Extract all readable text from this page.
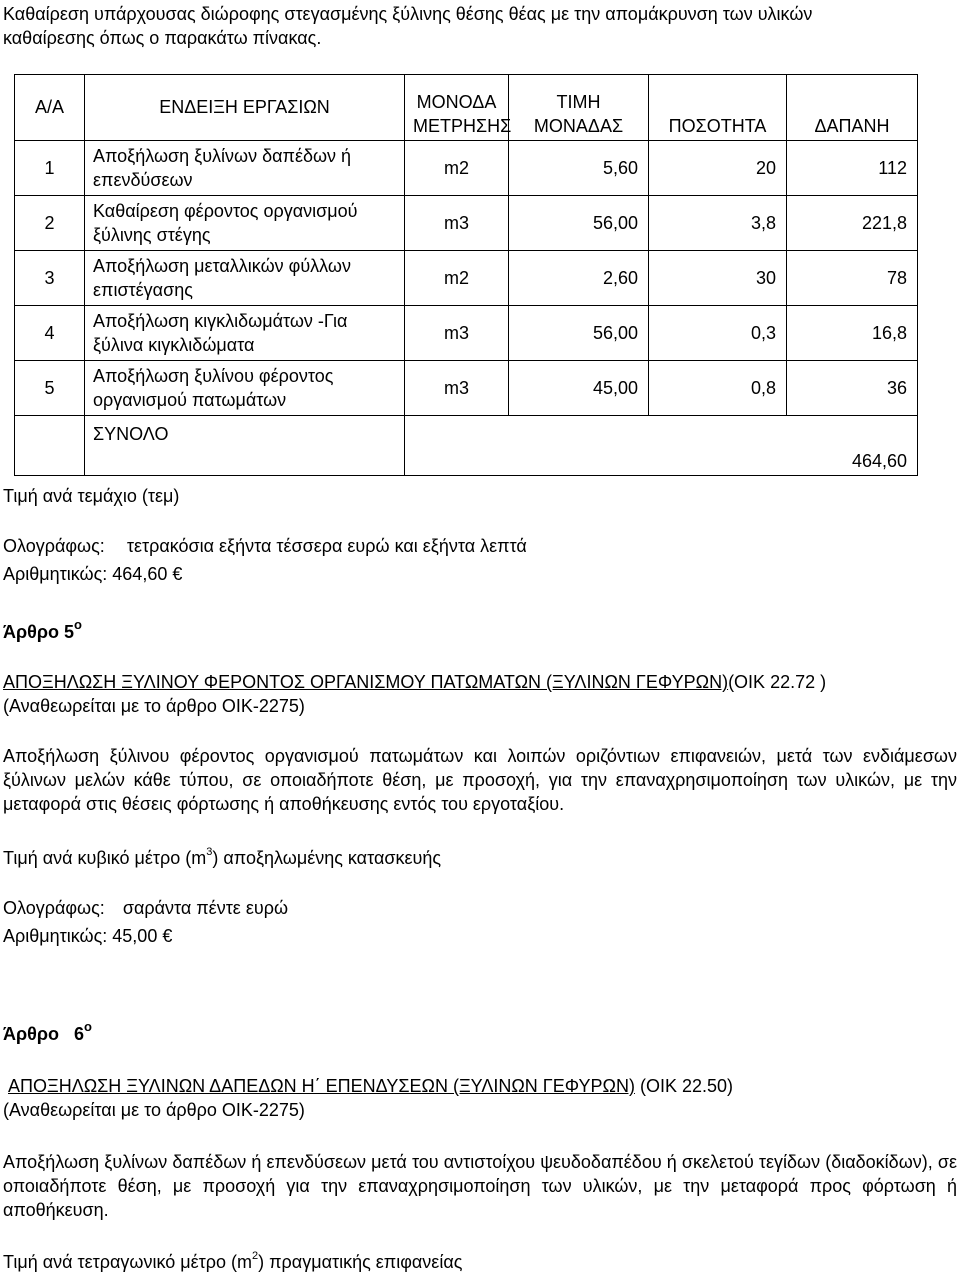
Καθαίρεση υπάρχουσας διώροφης στεγασμένης ξύλινης θέσης θέας με την απομάκρυνση των υλικών
καθαίρεσης όπως ο παρακάτω πίνακας.
Α/Α	ΕΝΔΕΙΞΗ ΕΡΓΑΣΙΩΝ	ΜΟΝΟΔΑ ΜΕΤΡΗΣΗΣ	ΤΙΜΗ ΜΟΝΑΔΑΣ	ΠΟΣΟΤΗΤΑ	ΔΑΠΑΝΗ
1	Αποξήλωση ξυλίνων δαπέδων ή επενδύσεων	m2	5,60	20	112
2	Καθαίρεση φέροντος οργανισμού ξύλινης στέγης	m3	56,00	3,8	221,8
3	Αποξήλωση μεταλλικών φύλλων επιστέγασης	m2	2,60	30	78
4	Αποξήλωση κιγκλιδωμάτων -Για ξύλινα κιγκλιδώματα	m3	56,00	0,3	16,8
5	Αποξήλωση ξυλίνου φέροντος οργανισμού πατωμάτων	m3	45,00	0,8	36
	ΣΥΝΟΛΟ	464,60			
Τιμή ανά τεμάχιο (τεμ)
Ολογράφως: τετρακόσια εξήντα τέσσερα ευρώ και εξήντα λεπτά
Αριθμητικώς: 464,60 €
Άρθρο $5^o$
ΑΠΟΞΗΛΩΣΗ ΞΥΛΙΝΟΥ ΦΕΡΟΝΤΟΣ ΟΡΓΑΝΙΣΜΟΥ ΠΑΤΩΜΑΤΩΝ (ΞΥΛΙΝΩΝ ΓΕΦΥΡΩΝ)(ΟΙΚ 22.72 )
(Αναθεωρείται με το άρθρο ΟΙΚ-2275)
Αποξήλωση ξύλινου φέροντος οργανισμού πατωμάτων και λοιπών οριζόντιων επιφανειών, μετά των ενδιάμεσων ξύλινων μελών κάθε τύπου, σε οποιαδήποτε θέση, με προσοχή, για την επαναχρησιμοποίηση των υλικών, με την μεταφορά στις θέσεις φόρτωσης ή αποθήκευσης εντός του εργοταξίου.
Τιμή ανά κυβικό μέτρο $(m^3)$ αποξηλωμένης κατασκευής
Ολογράφως: σαράντα πέντε ευρώ
Αριθμητικώς: 45,00 €
Άρθρο   $6^o$
ΑΠΟΞΗΛΩΣΗ ΞΥΛΙΝΩΝ ΔΑΠΕΔΩΝ Η΄ ΕΠΕΝΔΥΣΕΩΝ (ΞΥΛΙΝΩΝ ΓΕΦΥΡΩΝ) (ΟΙΚ 22.50)
(Αναθεωρείται με το άρθρο ΟΙΚ-2275)
Αποξήλωση ξυλίνων δαπέδων ή επενδύσεων μετά του αντιστοίχου ψευδοδαπέδου ή σκελετού τεγίδων (διαδοκίδων), σε οποιαδήποτε θέση, με προσοχή για την επαναχρησιμοποίηση των υλικών, με την μεταφορά προς φόρτωση ή αποθήκευση.
Τιμή ανά τετραγωνικό μέτρο $(m^2)$ πραγματικής επιφανείας
